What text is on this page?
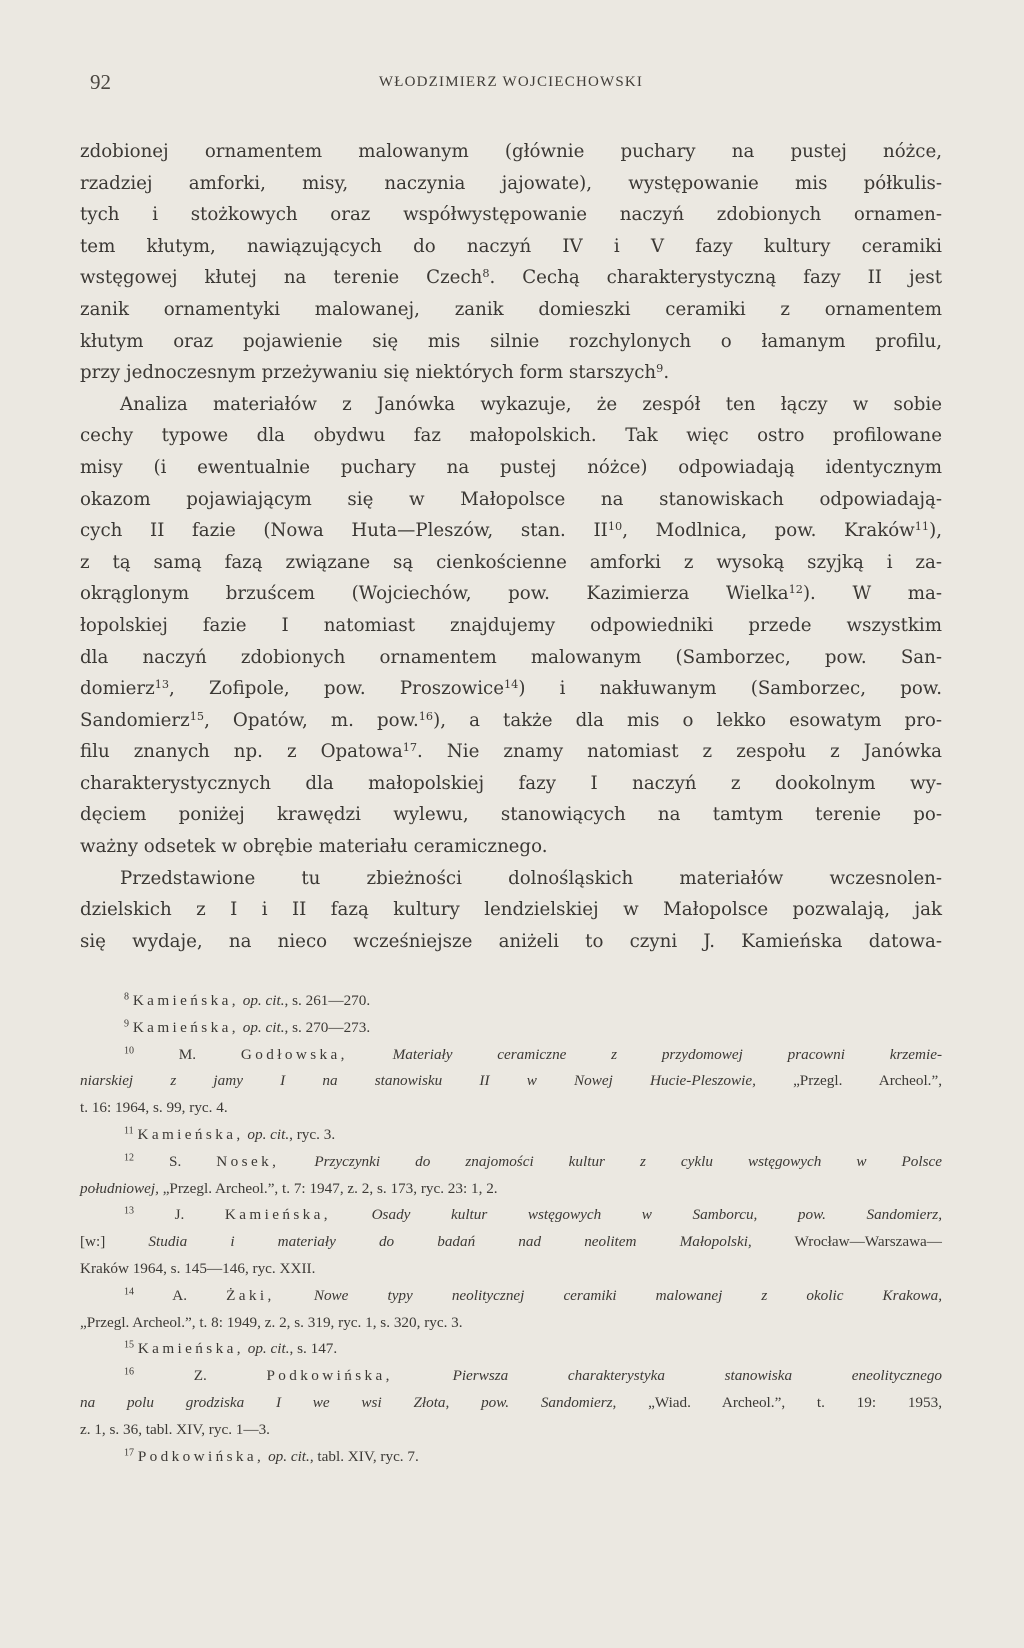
92	WŁODZIMIERZ WOJCIECHOWSKI
zdobionej ornamentem malowanym (głównie puchary na pustej nóżce,
rzadziej amforki, misy, naczynia jajowate), występowanie mis półkulis-
tych i stożkowych oraz współwystępowanie naczyń zdobionych ornamen-
tem kłutym, nawiązujących do naczyń IV i V fazy kultury ceramiki
wstęgowej kłutej na terenie Czech$^8$. Cechą charakterystyczną fazy II jest
zanik ornamentyki malowanej, zanik domieszki ceramiki z ornamentem
kłutym oraz pojawienie się mis silnie rozchylonych o łamanym profilu,
przy jednoczesnym przeżywaniu się niektórych form starszych$^9$.
Analiza materiałów z Janówka wykazuje, że zespół ten łączy w sobie
cechy typowe dla obydwu faz małopolskich. Tak więc ostro profilowane
misy (i ewentualnie puchary na pustej nóżce) odpowiadają identycznym
okazom pojawiającym się w Małopolsce na stanowiskach odpowiadają-
cych II fazie (Nowa Huta—Pleszów, stan. II$^{10}$, Modlnica, pow. Kraków$^{11}$),
z tą samą fazą związane są cienkościenne amforki z wysoką szyjką i za-
okrąglonym brzuścem (Wojciechów, pow. Kazimierza Wielka$^{12}$). W ma-
łopolskiej fazie I natomiast znajdujemy odpowiedniki przede wszystkim
dla naczyń zdobionych ornamentem malowanym (Samborzec, pow. San-
domierz$^{13}$, Zofipole, pow. Proszowice$^{14}$) i nakłuwanym (Samborzec, pow.
Sandomierz$^{15}$, Opatów, m. pow.$^{16}$), a także dla mis o lekko esowatym pro-
filu znanych np. z Opatowa$^{17}$. Nie znamy natomiast z zespołu z Janówka
charakterystycznych dla małopolskiej fazy I naczyń z dookolnym wy-
dęciem poniżej krawędzi wylewu, stanowiących na tamtym terenie po-
ważny odsetek w obrębie materiału ceramicznego.
Przedstawione tu zbieżności dolnośląskich materiałów wczesnolen-
dzielskich z I i II fazą kultury lendzielskiej w Małopolsce pozwalają, jak
się wydaje, na nieco wcześniejsze aniżeli to czyni J. Kamieńska datowa-
$^8$ Kamieńska, op. cit., s. 261—270.
$^9$ Kamieńska, op. cit., s. 270—273.
$^{10}$	M.	Godłowska,	Materiały ceramiczne z przydomowej pracowni krzemie-
niarskiej z jamy I na stanowisku II w Nowej Hucie-Pleszowie, „Przegl. Archeol.”,
t. 16: 1964, s. 99, ryc. 4.
$^{11}$ Kamieńska, op. cit., ryc. 3.
$^{12}$ S. Nosek, Przyczynki do znajomości kultur z cyklu wstęgowych w Polsce
południowej, „Przegl. Archeol.”, t. 7: 1947, z. 2, s. 173, ryc. 23: 1, 2.
$^{13}$	J.	Kamieńska,	Osady kultur wstęgowych w Samborcu, pow. Sandomierz,
[w:] Studia i materiały do badań nad neolitem Małopolski, Wrocław—Warszawa—
Kraków 1964, s. 145—146, ryc. XXII.
$^{14}$	A.	Żaki,	Nowe typy neolitycznej ceramiki malowanej z okolic Krakowa,
„Przegl. Archeol.”, t. 8: 1949, z. 2, s. 319, ryc. 1, s. 320, ryc. 3.
$^{15}$ Kamieńska, op. cit., s. 147.
$^{16}$	Z.	Podkowińska,	Pierwsza charakterystyka stanowiska eneolitycznego
na polu grodziska I we wsi Złota, pow. Sandomierz, „Wiad. Archeol.”, t. 19: 1953,
z. 1, s. 36, tabl. XIV, ryc. 1—3.
$^{17}$ Podkowińska, op. cit., tabl. XIV, ryc. 7.
